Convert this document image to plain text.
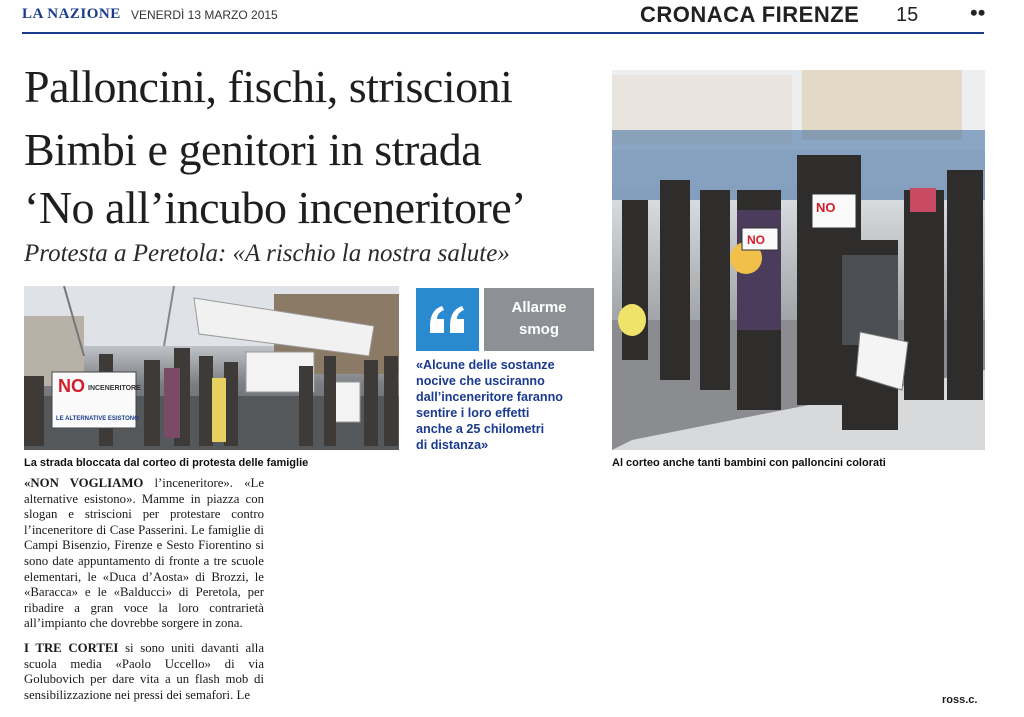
LA NAZIONE VENERDÌ 13 MARZO 2015	CRONACA FIRENZE 15 ••
Palloncini, fischi, striscioni
Bimbi e genitori in strada
‘No all’incubo inceneritore’
Protesta a Peretola: «A rischio la nostra salute»
NO INCENERITORE
LE ALTERNATIVE ESISTONO
La strada bloccata dal corteo di protesta delle famiglie
Allarme
smog
«Alcune delle sostanze
nocive che usciranno
dall’inceneritore faranno
sentire i loro effetti
anche a 25 chilometri
di distanza»
NO
NO
Al corteo anche tanti bambini con palloncini colorati

«NON VOGLIAMO l’inceneritore». «Le alternative esistono». Mamme in piazza con slogan e striscioni per protestare contro l’inceneritore di Case Passerini. Le famiglie di Campi Bisenzio, Firenze e Sesto Fiorentino si sono date appuntamento di fronte a tre scuole elementari, le «Duca d’Aosta» di Brozzi, le «Baracca» e le «Balducci» di Peretola, per ribadire a gran voce la loro contrarietà all’impianto che dovrebbe sorgere in zona.

I TRE CORTEI si sono uniti davanti alla scuola media «Paolo Uccello» di via Golubovich per dare vita a un flash mob di sensibilizzazione nei pressi dei semafori. Le	ross.c.
